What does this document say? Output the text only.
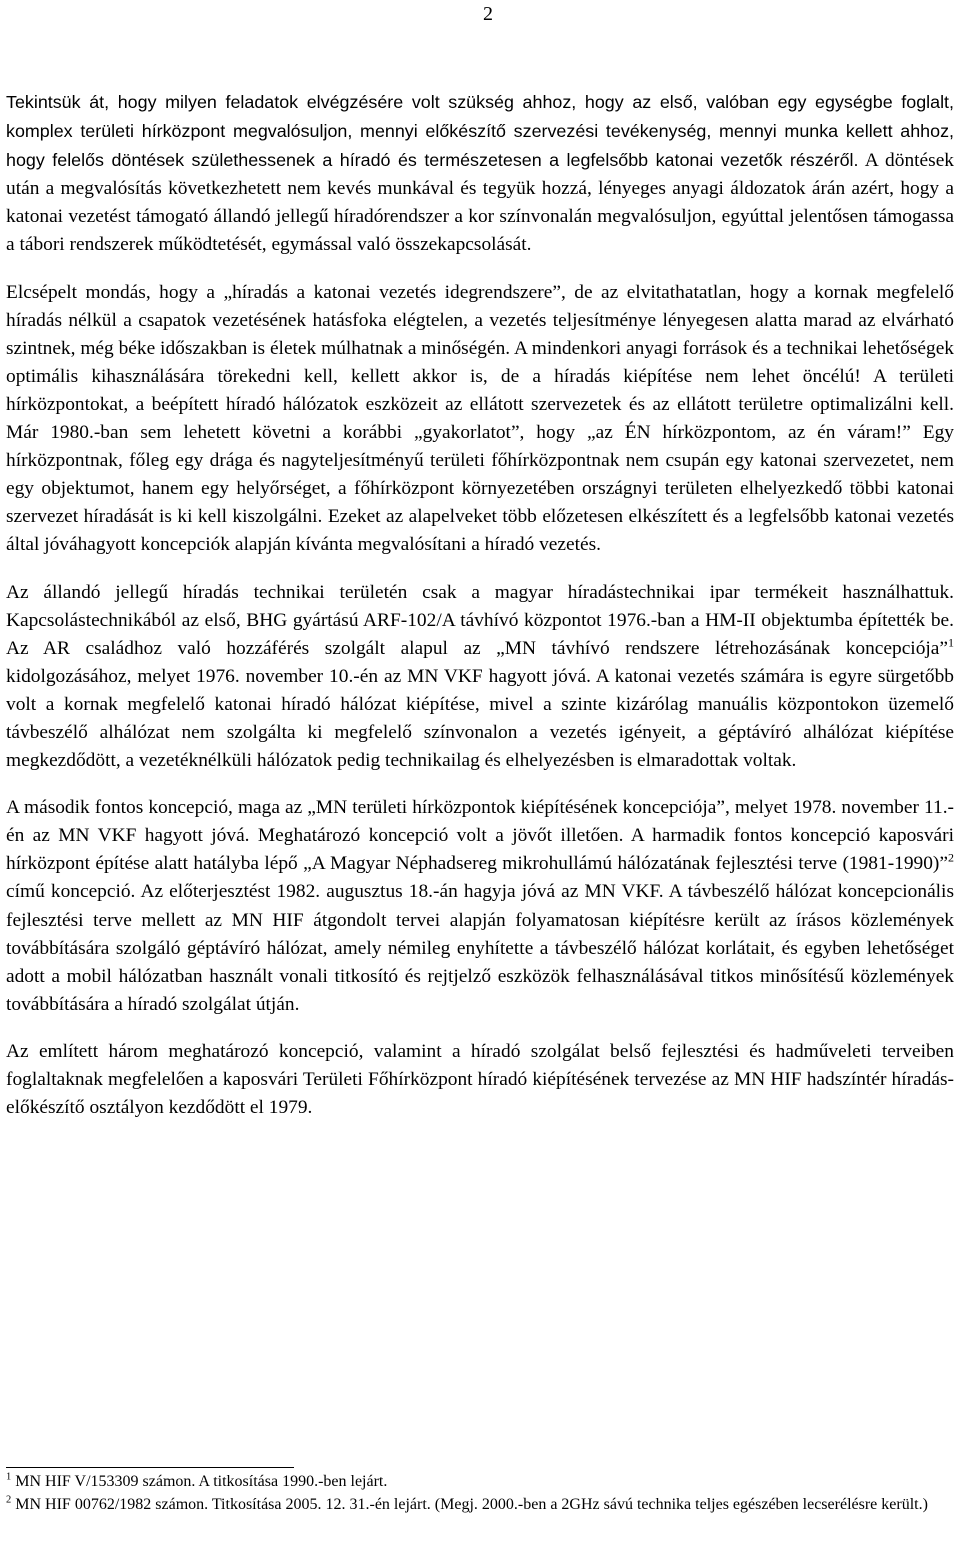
2

Tekintsük át, hogy milyen feladatok elvégzésére volt szükség ahhoz, hogy az első, valóban egy egységbe foglalt, komplex területi hírközpont megvalósuljon, mennyi előkészítő szervezési tevékenység, mennyi munka kellett ahhoz, hogy felelős döntések születhessenek a híradó és természetesen a legfelsőbb katonai vezetők részéről. A döntések után a megvalósítás következhetett nem kevés munkával és tegyük hozzá, lényeges anyagi áldozatok árán azért, hogy a katonai vezetést támogató állandó jellegű híradórendszer a kor színvonalán megvalósuljon, egyúttal jelentősen támogassa a tábori rendszerek működtetését, egymással való összekapcsolását.

Elcsépelt mondás, hogy a „híradás a katonai vezetés idegrendszere”, de az elvitathatatlan, hogy a kornak megfelelő híradás nélkül a csapatok vezetésének hatásfoka elégtelen, a vezetés teljesítménye lényegesen alatta marad az elvárható szintnek, még béke időszakban is életek múlhatnak a minőségén. A mindenkori anyagi források és a technikai lehetőségek optimális kihasználására törekedni kell, kellett akkor is, de a híradás kiépítése nem lehet öncélú! A területi hírközpontokat, a beépített híradó hálózatok eszközeit az ellátott szervezetek és az ellátott területre optimalizálni kell. Már 1980.-ban sem lehetett követni a korábbi „gyakorlatot”, hogy „az ÉN hírközpontom, az én váram!” Egy hírközpontnak, főleg egy drága és nagyteljesítményű területi főhírközpontnak nem csupán egy katonai szervezetet, nem egy objektumot, hanem egy helyőrséget, a főhírközpont környezetében országnyi területen elhelyezkedő többi katonai szervezet híradását is ki kell kiszolgálni. Ezeket az alapelveket több előzetesen elkészített és a legfelsőbb katonai vezetés által jóváhagyott koncepciók alapján kívánta megvalósítani a híradó vezetés.

Az állandó jellegű híradás technikai területén csak a magyar híradástechnikai ipar termékeit használhattuk. Kapcsolástechnikából az első, BHG gyártású ARF-102/A távhívó központot 1976.-ban a HM-II objektumba építették be. Az AR családhoz való hozzáférés szolgált alapul az „MN távhívó rendszere létrehozásának koncepciója”$^1$ kidolgozásához, melyet 1976. november 10.-én az MN VKF hagyott jóvá. A katonai vezetés számára is egyre sürgetőbb volt a kornak megfelelő katonai híradó hálózat kiépítése, mivel a szinte kizárólag manuális központokon üzemelő távbeszélő alhálózat nem szolgálta ki megfelelő színvonalon a vezetés igényeit, a géptávíró alhálózat kiépítése megkezdődött, a vezetéknélküli hálózatok pedig technikailag és elhelyezésben is elmaradottak voltak.

A második fontos koncepció, maga az „MN területi hírközpontok kiépítésének koncepciója”, melyet 1978. november 11.-én az MN VKF hagyott jóvá. Meghatározó koncepció volt a jövőt illetően. A harmadik fontos koncepció kaposvári hírközpont építése alatt hatályba lépő „A Magyar Néphadsereg mikrohullámú hálózatának fejlesztési terve (1981-1990)”$^2$ című koncepció. Az előterjesztést 1982. augusztus 18.-án hagyja jóvá az MN VKF. A távbeszélő hálózat koncepcionális fejlesztési terve mellett az MN HIF átgondolt tervei alapján folyamatosan kiépítésre került az írásos közlemények továbbítására szolgáló géptávíró hálózat, amely némileg enyhítette a távbeszélő hálózat korlátait, és egyben lehetőséget adott a mobil hálózatban használt vonali titkosító és rejtjelző eszközök felhasználásával titkos minősítésű közlemények továbbítására a híradó szolgálat útján.

Az említett három meghatározó koncepció, valamint a híradó szolgálat belső fejlesztési és hadműveleti terveiben foglaltaknak megfelelően a kaposvári Területi Főhírközpont híradó kiépítésének tervezése az MN HIF hadszíntér híradás-előkészítő osztályon kezdődött el 1979.

$^1$ MN HIF V/153309 számon. A titkosítása 1990.-ben lejárt.

$^2$ MN HIF 00762/1982 számon. Titkosítása 2005. 12. 31.-én lejárt. (Megj. 2000.-ben a 2GHz sávú technika teljes egészében lecserélésre került.)
